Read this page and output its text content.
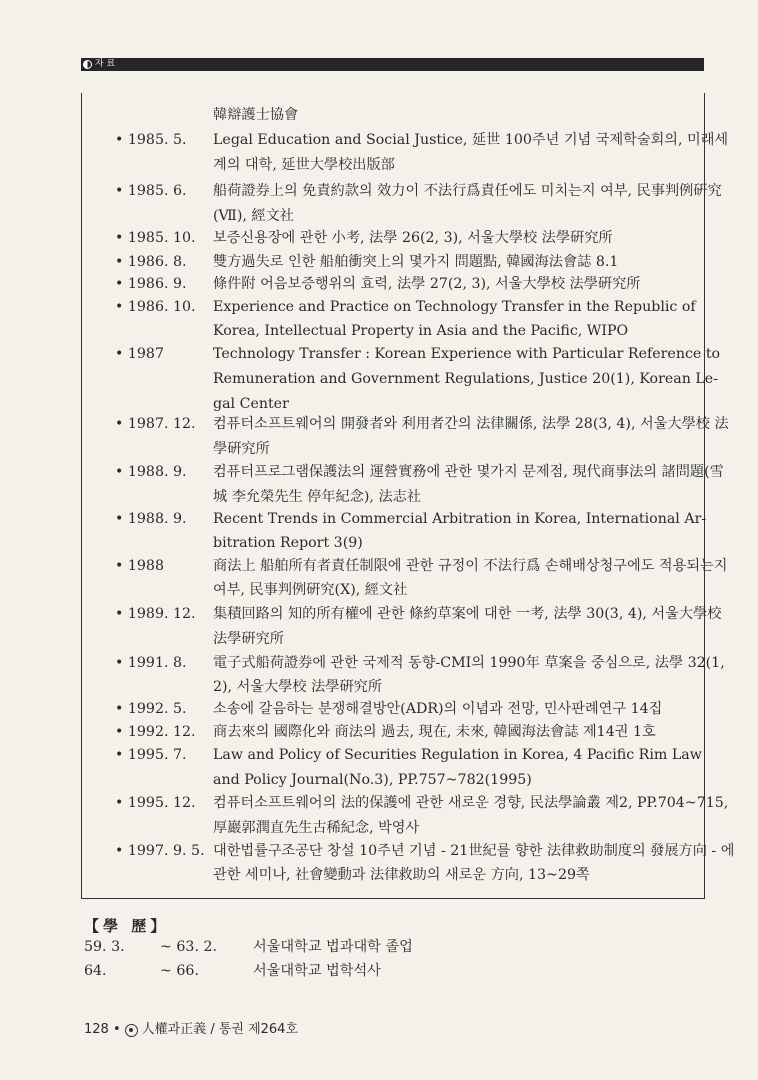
자 료
韓辯護士協會
• 1985. 5. Legal Education and Social Justice, 延世 100주년 기념 국제학술회의, 미래세
계의 대학, 延世大學校出版部
• 1985. 6. 船荷證券上의 免責約款의 效力이 不法行爲責任에도 미치는지 여부, 民事判例硏究
(Ⅶ), 經文社
• 1985. 10. 보증신용장에 관한 小考, 法學 26(2, 3), 서울大學校 法學硏究所
• 1986. 8. 雙方過失로 인한 船舶衝突上의 몇가지 問題點, 韓國海法會誌 8.1
• 1986. 9. 條件附 어음보증행위의 효력, 法學 27(2, 3), 서울大學校 法學硏究所
• 1986. 10. Experience and Practice on Technology Transfer in the Republic of
Korea, Intellectual Property in Asia and the Pacific, WIPO
• 1987	Technology Transfer : Korean Experience with Particular Reference to
Remuneration and Government Regulations, Justice 20(1), Korean Le-
gal Center
• 1987. 12. 컴퓨터소프트웨어의 開發者와 利用者간의 法律關係, 法學 28(3, 4), 서울大學校 法
學硏究所
• 1988. 9. 컴퓨터프로그램保護法의 運營實務에 관한 몇가지 문제점, 現代商事法의 諸問題(雪
城 李允榮先生 停年紀念), 法志社
• 1988. 9. Recent Trends in Commercial Arbitration in Korea, International Ar-
bitration Report 3(9)
• 1988	商法上 船舶所有者責任制限에 관한 규정이 不法行爲 손해배상청구에도 적용되는지
여부, 民事判例硏究(Ⅹ), 經文社
• 1989. 12. 集積回路의 知的所有權에 관한 條約草案에 대한 一考, 法學 30(3, 4), 서울大學校
法學硏究所
• 1991. 8. 電子式船荷證券에 관한 국제적 동향-CMI의 1990年 草案을 중심으로, 法學 32(1,
2), 서울大學校 法學硏究所
• 1992. 5. 소송에 갈음하는 분쟁해결방안(ADR)의 이념과 전망, 민사판례연구 14집
• 1992. 12. 商去來의 國際化와 商法의 過去, 現在, 未來, 韓國海法會誌 제14권 1호
• 1995. 7. Law and Policy of Securities Regulation in Korea, 4 Pacific Rim Law
and Policy Journal(No.3), PP.757~782(1995)
• 1995. 12. 컴퓨터소프트웨어의 法的保護에 관한 새로운 경향, 民法學論叢 제2, PP.704~715,
厚巖郭潤直先生古稀紀念, 박영사
• 1997. 9. 5. 대한법률구조공단 창설 10주년 기념 - 21世紀를 향한 法律救助制度의 發展方向 - 에
관한 세미나, 社會變動과 法律救助의 새로운 方向, 13~29쪽
【學 歷】
59. 3. ~ 63. 2.	서울대학교 법과대학 졸업
64.	~ 66.	서울대학교 법학석사
128 • 人權과正義 / 통권 제264호
